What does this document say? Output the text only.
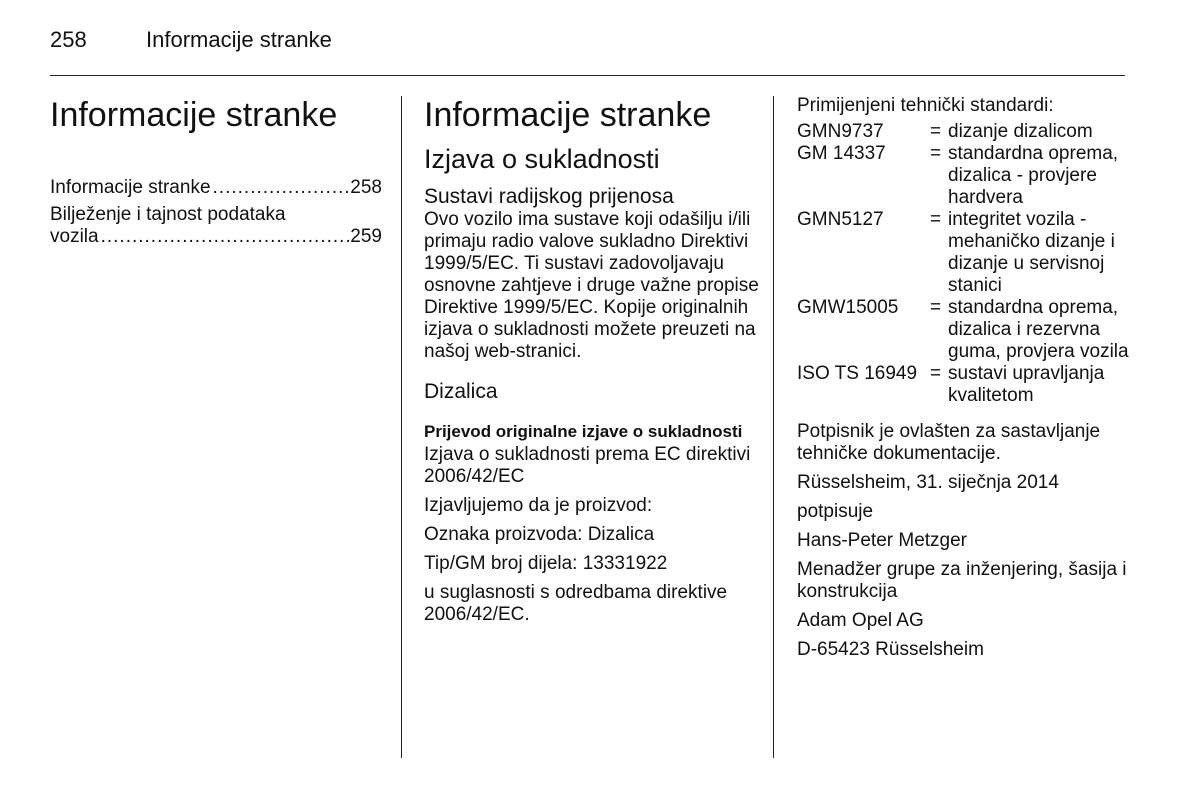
258	Informacije stranke
Informacije stranke
Informacije stranke .....	258
Bilježenje i tajnost podataka
vozila .....	259
Informacije stranke
Izjava o sukladnosti
Sustavi radijskog prijenosa

Ovo vozilo ima sustave koji odašilju i/ili primaju radio valove sukladno Direktivi 1999/5/EC. Ti sustavi zadovoljavaju osnovne zahtjeve i druge važne propise Direktive 1999/5/EC. Kopije originalnih izjava o sukladnosti možete preuzeti na našoj web-stranici.

Dizalica
Prijevod originalne izjave o sukladnosti

Izjava o sukladnosti prema EC direktivi 2006/42/EC

Izjavljujemo da je proizvod:

Oznaka proizvoda: Dizalica

Tip/GM broj dijela: 13331922

u suglasnosti s odredbama direktive 2006/42/EC.

Primijenjeni tehnički standardi:
GMN9737	= dizanje dizalicom
GM 14337	= standardna oprema, dizalica - provjere hardvera
GMN5127	= integritet vozila - mehaničko dizanje i dizanje u servisnoj stanici
GMW15005	= standardna oprema, dizalica i rezervna guma, provjera vozila
ISO TS 16949 = sustavi upravljanja kvalitetom

Potpisnik je ovlašten za sastavljanje tehničke dokumentacije.

Rüsselsheim, 31. siječnja 2014

potpisuje

Hans-Peter Metzger

Menadžer grupe za inženjering, šasija i konstrukcija

Adam Opel AG

D-65423 Rüsselsheim
